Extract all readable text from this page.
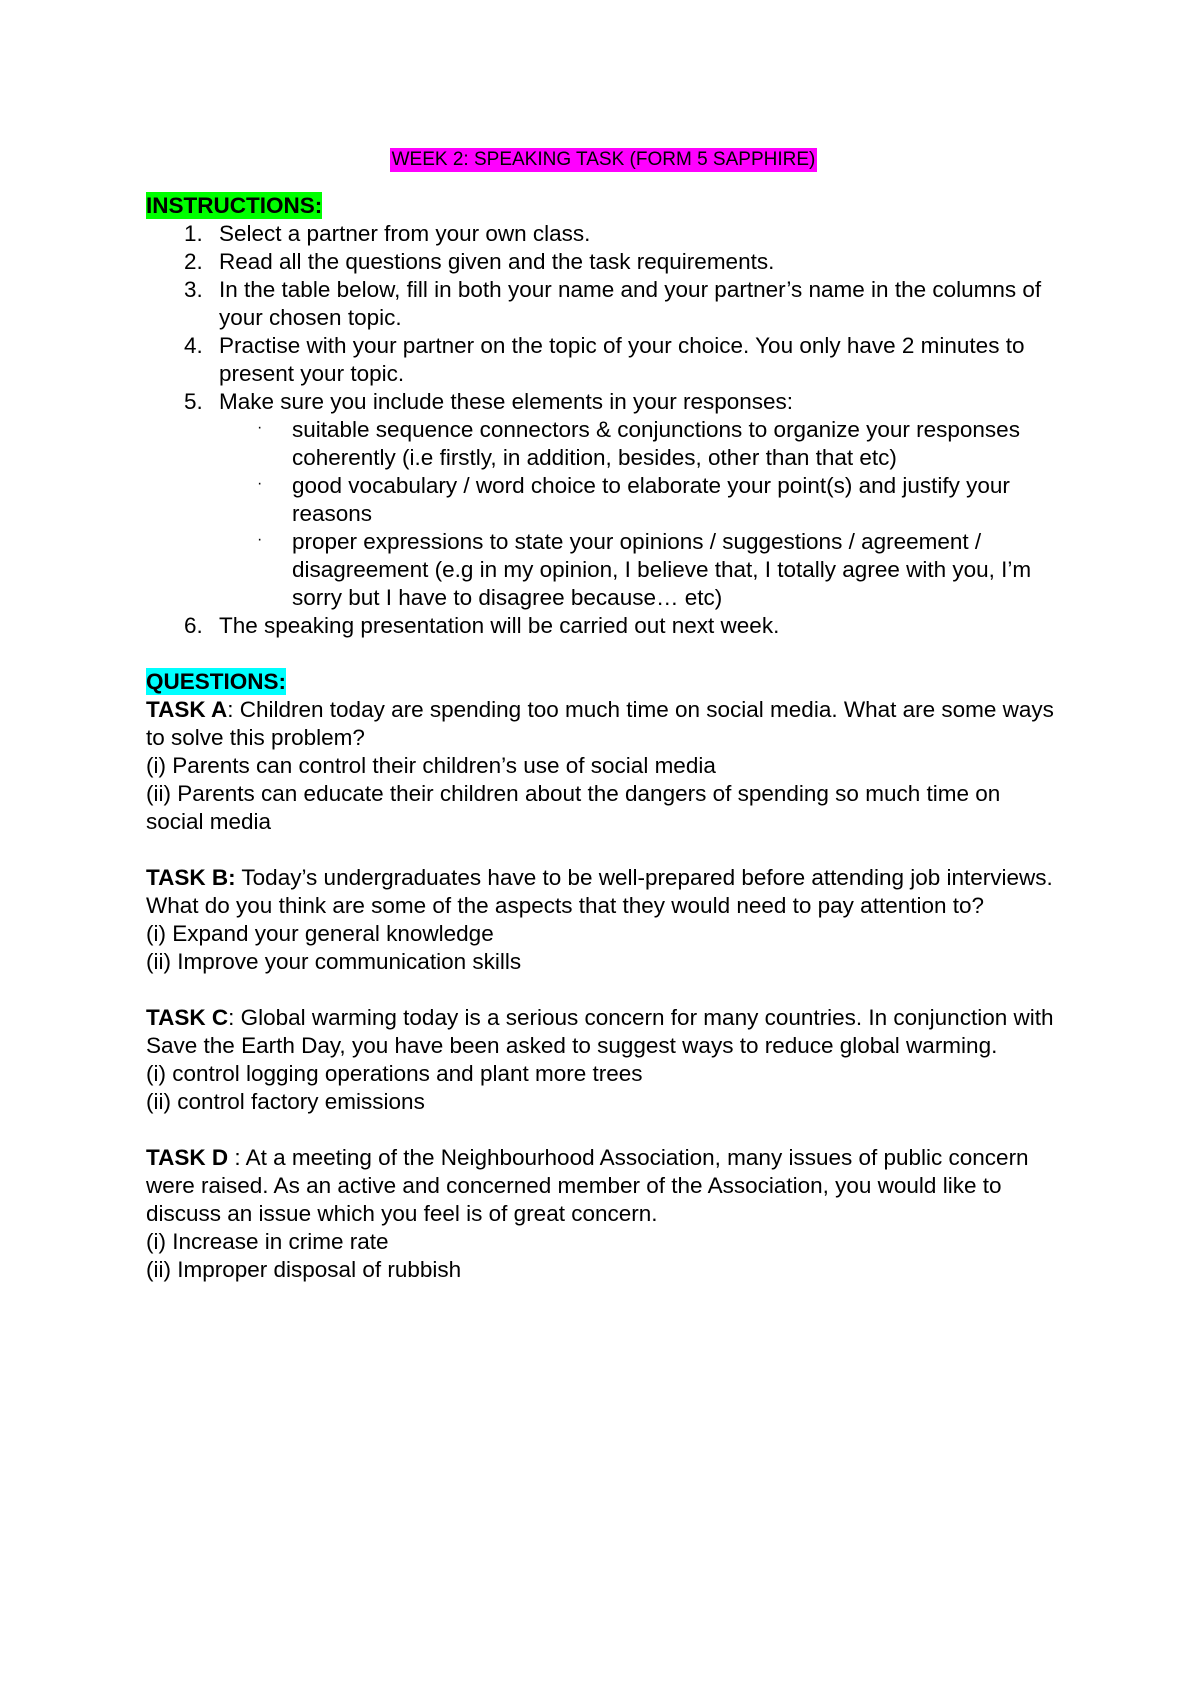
WEEK 2: SPEAKING TASK (FORM 5 SAPPHIRE)
INSTRUCTIONS:
1. Select a partner from your own class.
2. Read all the questions given and the task requirements.
3. In the table below, fill in both your name and your partner’s name in the columns of your chosen topic.
4. Practise with your partner on the topic of your choice. You only have 2 minutes to present your topic.
5. Make sure you include these elements in your responses:
· suitable sequence connectors & conjunctions to organize your responses coherently (i.e firstly, in addition, besides, other than that etc)
· good vocabulary / word choice to elaborate your point(s) and justify your reasons
· proper expressions to state your opinions / suggestions / agreement / disagreement (e.g in my opinion, I believe that, I totally agree with you, I’m sorry but I have to disagree because… etc)
6. The speaking presentation will be carried out next week.
QUESTIONS:

TASK A: Children today are spending too much time on social media. What are some ways to solve this problem?

(i) Parents can control their children’s use of social media

(ii) Parents can educate their children about the dangers of spending so much time on social media

TASK B: Today’s undergraduates have to be well-prepared before attending job interviews. What do you think are some of the aspects that they would need to pay attention to?

(i) Expand your general knowledge

(ii) Improve your communication skills

TASK C: Global warming today is a serious concern for many countries. In conjunction with Save the Earth Day, you have been asked to suggest ways to reduce global warming.

(i) control logging operations and plant more trees

(ii) control factory emissions

TASK D : At a meeting of the Neighbourhood Association, many issues of public concern were raised. As an active and concerned member of the Association, you would like to discuss an issue which you feel is of great concern.

(i) Increase in crime rate

(ii) Improper disposal of rubbish
